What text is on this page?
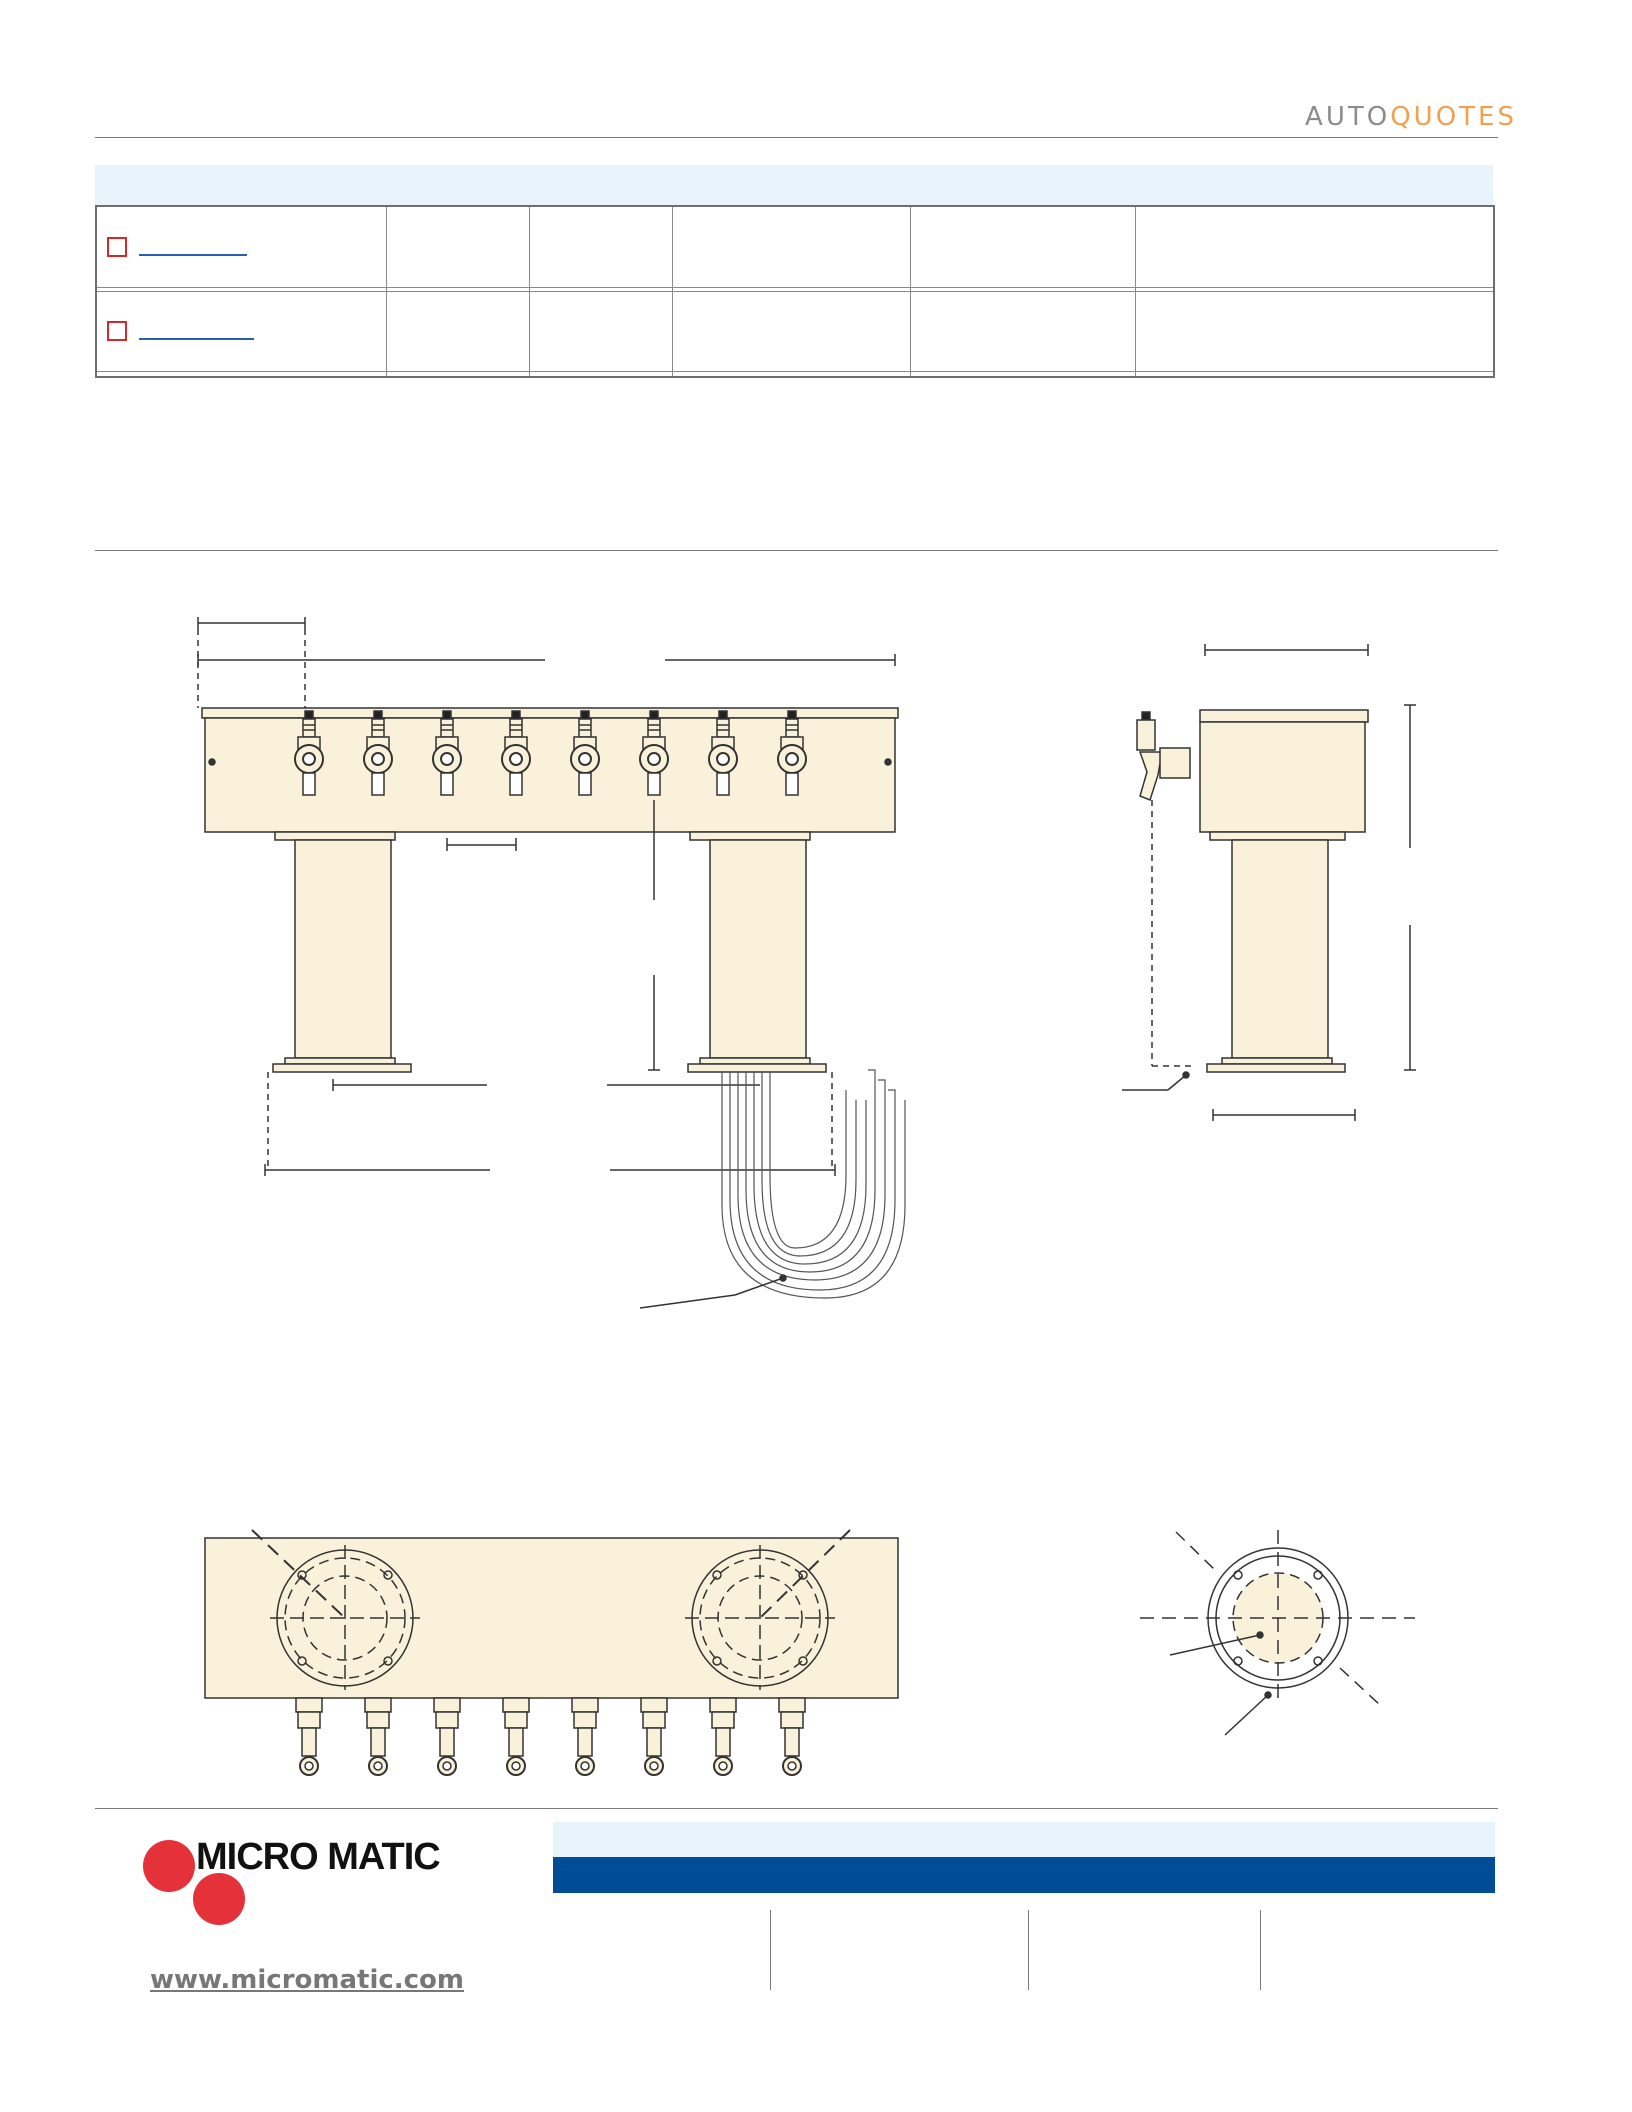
AUTOQUOTES

MICRO MATIC
www.micromatic.com
